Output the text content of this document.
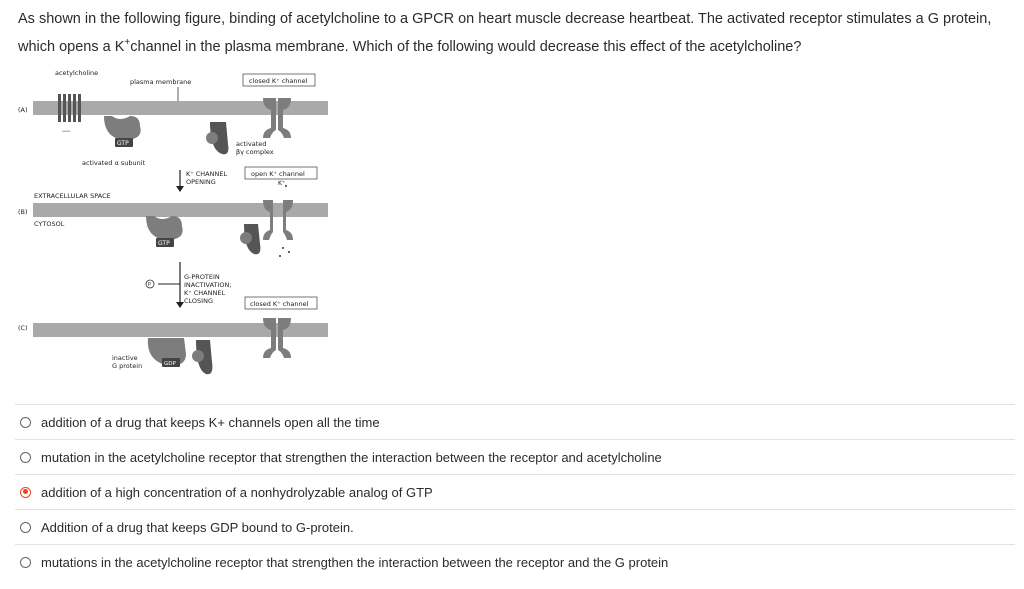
As shown in the following figure, binding of acetylcholine to a GPCR on heart muscle decrease heartbeat. The activated receptor stimulates a G protein, which opens a K+channel in the plasma membrane. Which of the following would decrease this effect of the acetylcholine?
acetylcholine
plasma membrane	closed K⁺ channel
(A)
ᵥᵥᵥᵥ
GTP
activated α subunit
activated
βγ complex
K⁺ CHANNEL
OPENING
open K⁺ channel
K⁺
EXTRACELLULAR SPACE
(B)
CYTOSOL
GTP
P
G-PROTEIN
INACTIVATION;
K⁺ CHANNEL
CLOSING	closed K⁺ channel
(C)
GDP
inactive
G protein
addition of a drug that keeps K+ channels open all the time
mutation in the acetylcholine receptor that strengthen the interaction between the receptor and acetylcholine
addition of a high concentration of a nonhydrolyzable analog of GTP
Addition of a drug that keeps GDP bound to G-protein.
mutations in the acetylcholine receptor that strengthen the interaction between the receptor and the G protein
